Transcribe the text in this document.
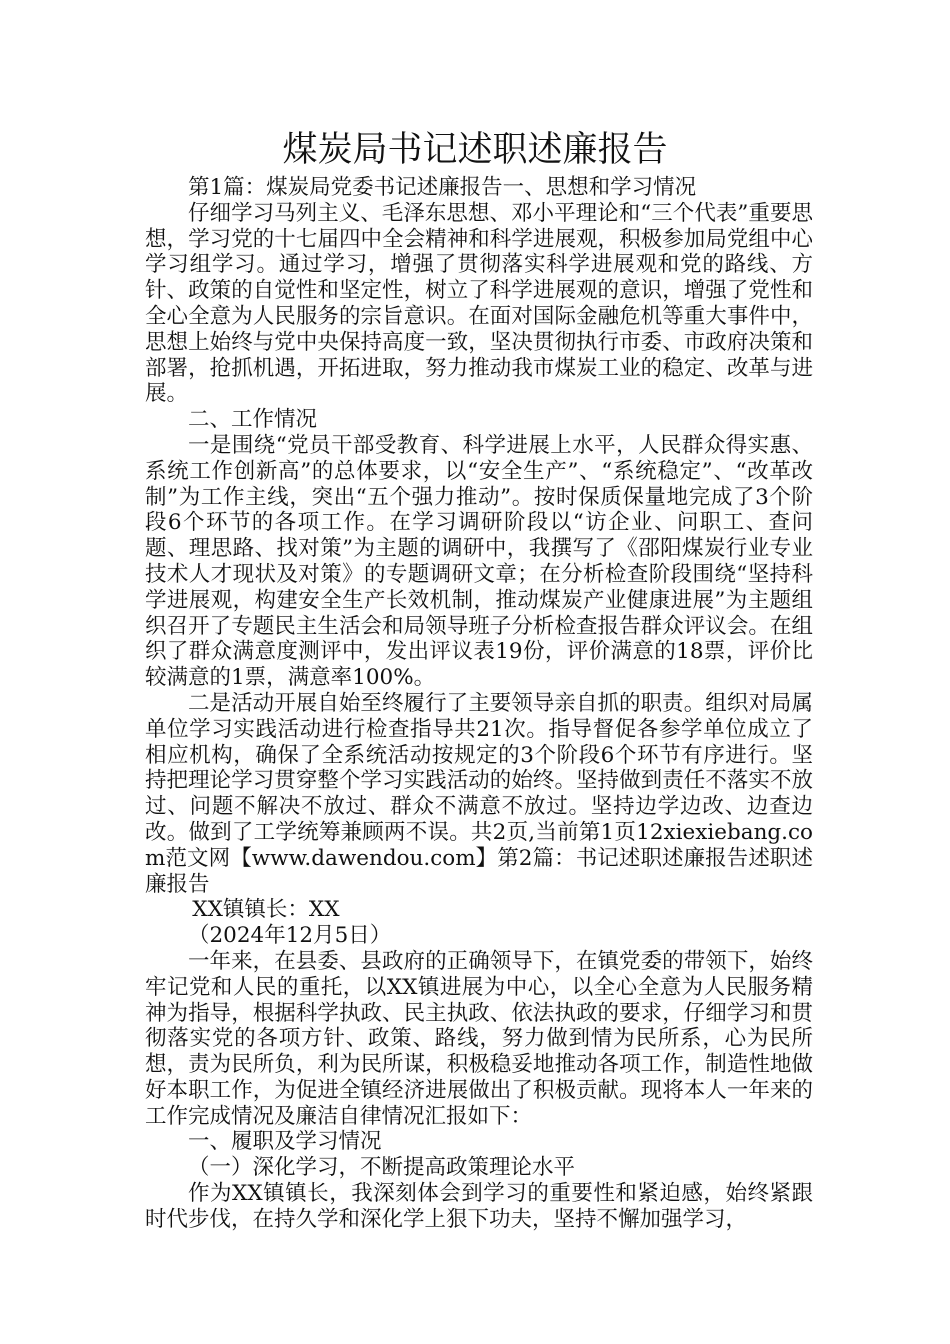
煤炭局书记述职述廉报告

第1篇：煤炭局党委书记述廉报告一、思想和学习情况

仔细学习马列主义、毛泽东思想、邓小平理论和“三个代表”重要思想，学习党的十七届四中全会精神和科学进展观，积极参加局党组中心学习组学习。通过学习，增强了贯彻落实科学进展观和党的路线、方针、政策的自觉性和坚定性，树立了科学进展观的意识，增强了党性和全心全意为人民服务的宗旨意识。在面对国际金融危机等重大事件中，思想上始终与党中央保持高度一致，坚决贯彻执行市委、市政府决策和部署，抢抓机遇，开拓进取，努力推动我市煤炭工业的稳定、改革与进展。

二、工作情况

一是围绕“党员干部受教育、科学进展上水平，人民群众得实惠、系统工作创新高”的总体要求，以“安全生产”、“系统稳定”、“改革改制”为工作主线，突出“五个强力推动”。按时保质保量地完成了3个阶段6个环节的各项工作。在学习调研阶段以“访企业、问职工、查问题、理思路、找对策”为主题的调研中，我撰写了《邵阳煤炭行业专业技术人才现状及对策》的专题调研文章；在分析检查阶段围绕“坚持科学进展观，构建安全生产长效机制，推动煤炭产业健康进展”为主题组织召开了专题民主生活会和局领导班子分析检查报告群众评议会。在组织了群众满意度测评中，发出评议表19份，评价满意的18票，评价比较满意的1票，满意率100%。

二是活动开展自始至终履行了主要领导亲自抓的职责。组织对局属单位学习实践活动进行检查指导共21次。指导督促各参学单位成立了相应机构，确保了全系统活动按规定的3个阶段6个环节有序进行。坚持把理论学习贯穿整个学习实践活动的始终。坚持做到责任不落实不放过、问题不解决不放过、群众不满意不放过。坚持边学边改、边查边改。做到了工学统筹兼顾两不误。共2页,当前第1页12xiexiebang.com范文网【www.dawendou.com】第2篇：书记述职述廉报告述职述廉报告

XX镇镇长：XX

（2024年12月5日）

一年来，在县委、县政府的正确领导下，在镇党委的带领下，始终牢记党和人民的重托，以XX镇进展为中心，以全心全意为人民服务精神为指导，根据科学执政、民主执政、依法执政的要求，仔细学习和贯彻落实党的各项方针、政策、路线，努力做到情为民所系，心为民所想，责为民所负，利为民所谋，积极稳妥地推动各项工作，制造性地做好本职工作，为促进全镇经济进展做出了积极贡献。现将本人一年来的工作完成情况及廉洁自律情况汇报如下：

一、履职及学习情况

（一）深化学习，不断提高政策理论水平

作为XX镇镇长，我深刻体会到学习的重要性和紧迫感，始终紧跟时代步伐，在持久学和深化学上狠下功夫，坚持不懈加强学习，
